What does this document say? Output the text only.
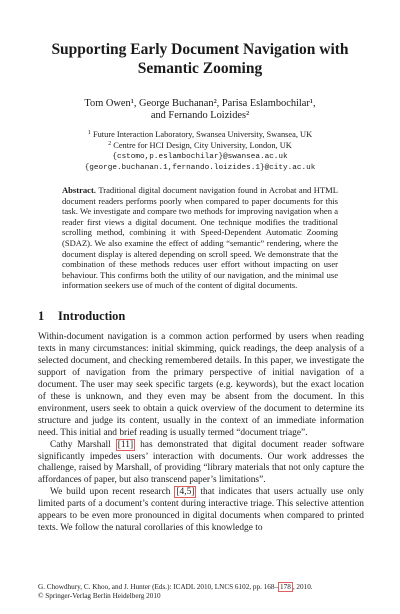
Supporting Early Document Navigation with
Semantic Zooming
Tom Owen¹, George Buchanan², Parisa Eslambochilar¹,
and Fernando Loizides²
$^1$ Future Interaction Laboratory, Swansea University, Swansea, UK
$^2$ Centre for HCI Design, City University, London, UK
{cstomo,p.eslambochilar}@swansea.ac.uk
{george.buchanan.1,fernando.loizides.1}@city.ac.uk
Abstract. Traditional digital document navigation found in Acrobat and HTML document readers performs poorly when compared to paper documents for this task. We investigate and compare two methods for improving navigation when a reader first views a digital document. One technique modifies the traditional scrolling method, combining it with Speed-Dependent Automatic Zooming (SDAZ). We also examine the effect of adding “semantic” rendering, where the document display is altered depending on scroll speed. We demonstrate that the combination of these methods reduces user effort without impacting on user behaviour. This confirms both the utility of our navigation, and the minimal use information seekers use of much of the content of digital documents.
1 Introduction

Within-document navigation is a common action performed by users when reading texts in many circumstances: initial skimming, quick readings, the deep analysis of a selected document, and checking remembered details. In this paper, we investigate the support of navigation from the primary perspective of initial navigation of a document. The user may seek specific targets (e.g. keywords), but the exact location of these is unknown, and they even may be absent from the document. In this environment, users seek to obtain a quick overview of the document to determine its structure and judge its content, usually in the context of an immediate information need. This initial and brief reading is usually termed “document triage”.

Cathy Marshall [11] has demonstrated that digital document reader software significantly impedes users’ interaction with documents. Our work addresses the challenge, raised by Marshall, of providing “library materials that not only capture the affordances of paper, but also transcend paper’s limitations”.

We build upon recent research [4,5] that indicates that users actually use only limited parts of a document’s content during interactive triage. This selective attention appears to be even more pronounced in digital documents when compared to printed texts. We follow the natural corollaries of this knowledge to

G. Chowdhury, C. Khoo, and J. Hunter (Eds.): ICADL 2010, LNCS 6102, pp. 168– 178 , 2010.
© Springer-Verlag Berlin Heidelberg 2010
